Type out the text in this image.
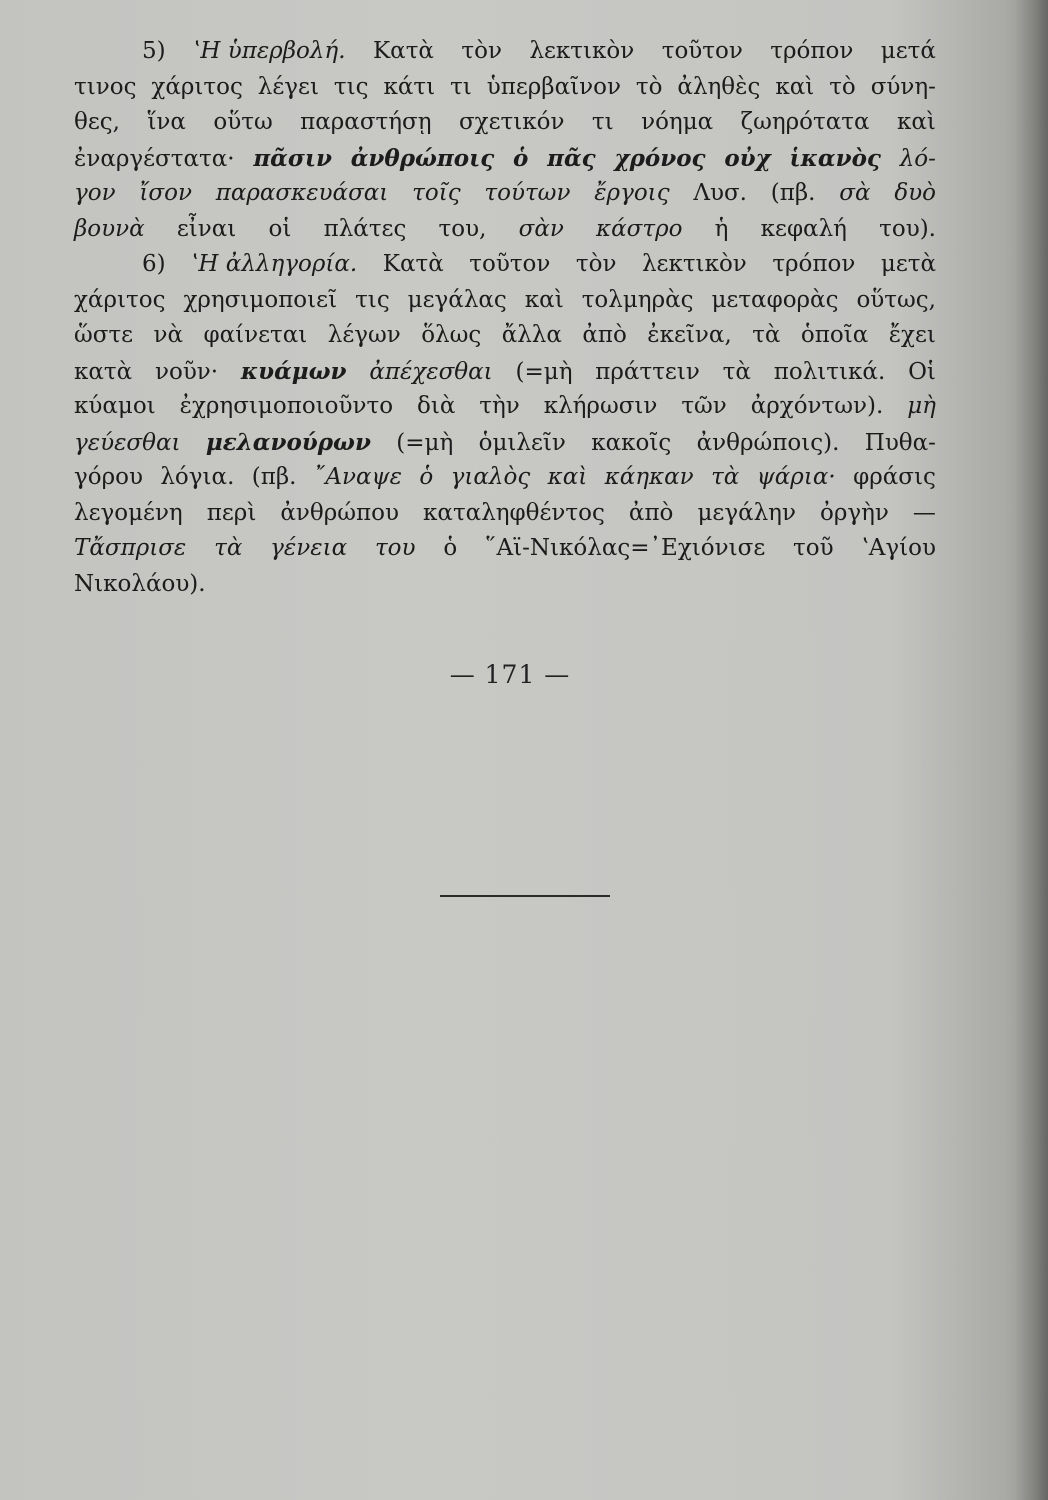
5) ʽΗ ὑπερβολή. Κατὰ τὸν λεκτικὸν τοῦτον τρόπον μετά
τινος χάριτος λέγει τις κάτι τι ὑπερβαῖνον τὸ ἀληθὲς καὶ τὸ σύνη-
θες, ἵνα οὕτω παραστήσῃ σχετικόν τι νόημα ζωηρότατα καὶ
ἐναργέστατα· πᾶσιν ἀνθρώποις ὁ πᾶς χρόνος οὐχ ἱκανὸς λό-
γον ἴσον παρασκευάσαι τοῖς τούτων ἔργοις Λυσ. (πβ. σὰ δυὸ
βουνὰ εἶναι οἱ πλάτες του, σὰν κάστρο ἡ κεφαλή του).
6) ʽΗ ἀλληγορία. Κατὰ τοῦτον τὸν λεκτικὸν τρόπον μετὰ
χάριτος χρησιμοποιεῖ τις μεγάλας καὶ τολμηρὰς μεταφορὰς οὕτως,
ὥστε νὰ φαίνεται λέγων ὅλως ἄλλα ἀπὸ ἐκεῖνα, τὰ ὁποῖα ἔχει
κατὰ νοῦν· κυάμων ἀπέχεσθαι (=μὴ πράττειν τὰ πολιτικά. Οἱ
κύαμοι ἐχρησιμοποιοῦντο διὰ τὴν κλήρωσιν τῶν ἀρχόντων). μὴ
γεύεσθαι μελανούρων (=μὴ ὁμιλεῖν κακοῖς ἀνθρώποις). Πυθα-
γόρου λόγια. (πβ. ῎Αναψε ὁ γιαλὸς καὶ κάηκαν τὰ ψάρια· φράσις
λεγομένη περὶ ἀνθρώπου καταληφθέντος ἀπὸ μεγάλην ὀργὴν —
Τἄσπρισε τὰ γένεια του ὁ ῞Αϊ-Νικόλας=᾿Εχιόνισε τοῦ ʽΑγίου
Νικολάου).
— 171 —
